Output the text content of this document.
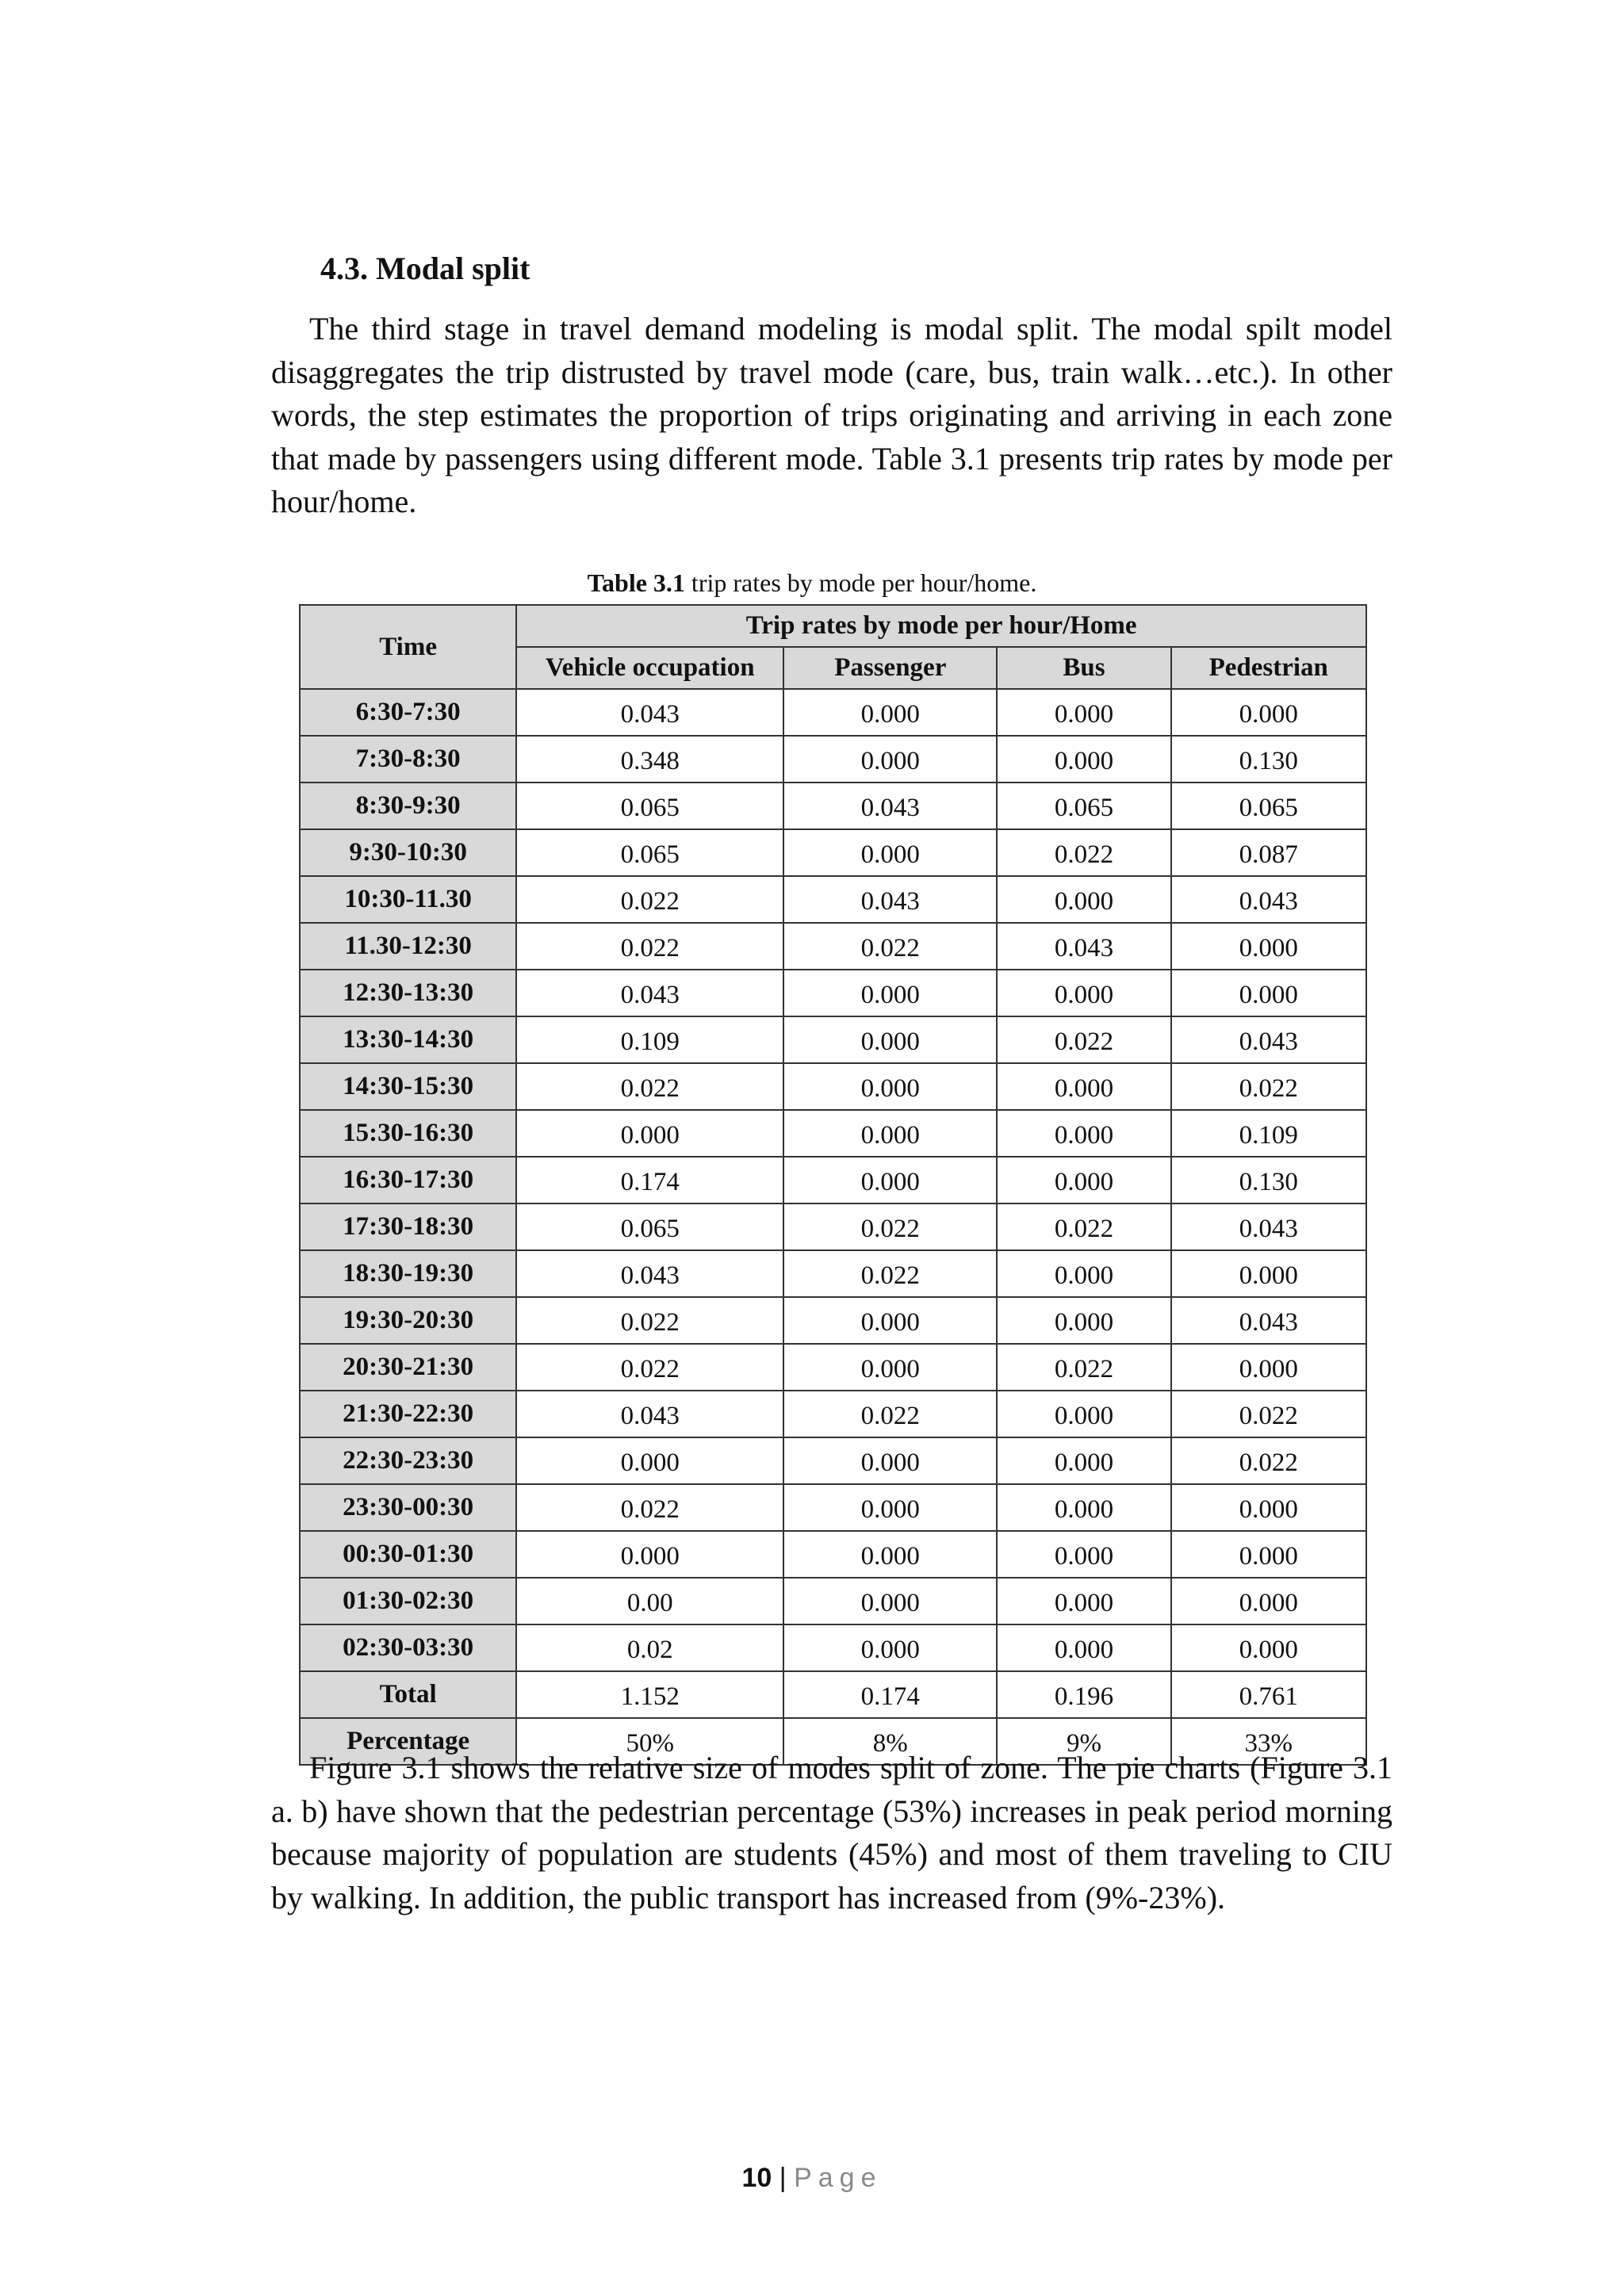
4.3. Modal split

The third stage in travel demand modeling is modal split. The modal spilt model disaggregates the trip distrusted by travel mode (care, bus, train walk…etc.). In other words, the step estimates the proportion of trips originating and arriving in each zone that made by passengers using different mode. Table 3.1 presents trip rates by mode per hour/home.

Table 3.1 trip rates by mode per hour/home.
Time	Trip rates by mode per hour/Home			
	Vehicle occupation	Passenger	Bus	Pedestrian
6:30-7:30	0.043	0.000	0.000	0.000
7:30-8:30	0.348	0.000	0.000	0.130
8:30-9:30	0.065	0.043	0.065	0.065
9:30-10:30	0.065	0.000	0.022	0.087
10:30-11.30	0.022	0.043	0.000	0.043
11.30-12:30	0.022	0.022	0.043	0.000
12:30-13:30	0.043	0.000	0.000	0.000
13:30-14:30	0.109	0.000	0.022	0.043
14:30-15:30	0.022	0.000	0.000	0.022
15:30-16:30	0.000	0.000	0.000	0.109
16:30-17:30	0.174	0.000	0.000	0.130
17:30-18:30	0.065	0.022	0.022	0.043
18:30-19:30	0.043	0.022	0.000	0.000
19:30-20:30	0.022	0.000	0.000	0.043
20:30-21:30	0.022	0.000	0.022	0.000
21:30-22:30	0.043	0.022	0.000	0.022
22:30-23:30	0.000	0.000	0.000	0.022
23:30-00:30	0.022	0.000	0.000	0.000
00:30-01:30	0.000	0.000	0.000	0.000
01:30-02:30	0.00	0.000	0.000	0.000
02:30-03:30	0.02	0.000	0.000	0.000
Total	1.152	0.174	0.196	0.761
Percentage	50%	8%	9%	33%

Figure 3.1 shows the relative size of modes split of zone. The pie charts (Figure 3.1 a. b) have shown that the pedestrian percentage (53%) increases in peak period morning because majority of population are students (45%) and most of them traveling to CIU by walking. In addition, the public transport has increased from (9%-23%).

10 | Page
